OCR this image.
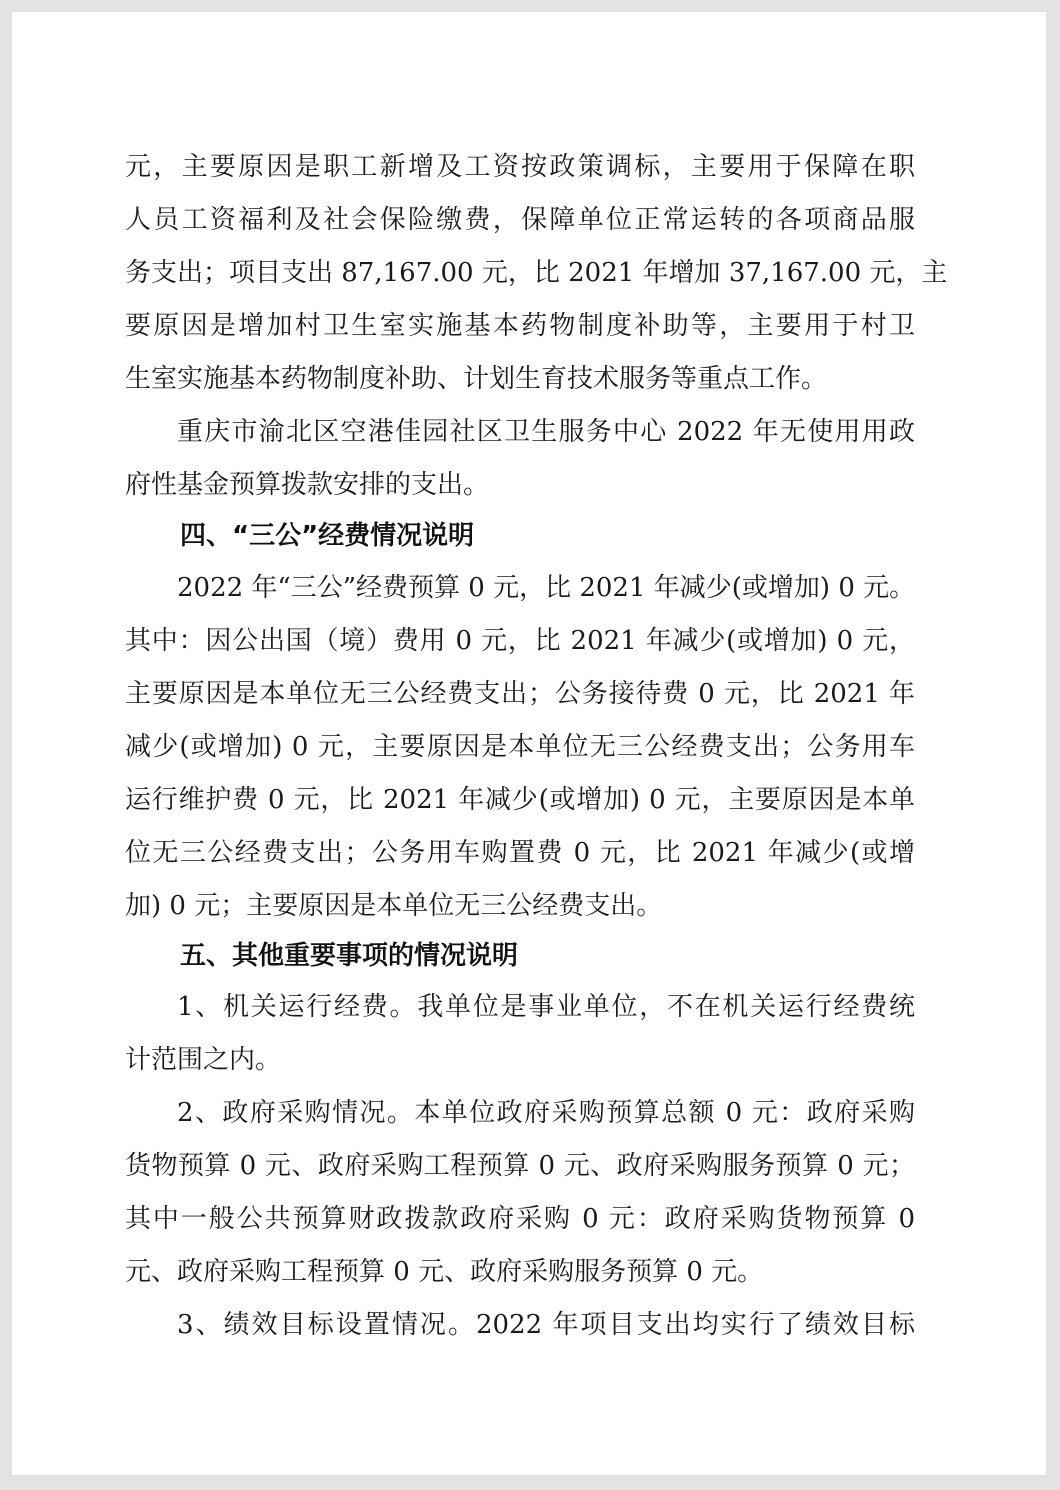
元，主要原因是职工新增及工资按政策调标，主要用于保障在职
人员工资福利及社会保险缴费，保障单位正常运转的各项商品服
务支出；项目支出 87,167.00 元，比 2021 年增加 37,167.00 元，主
要原因是增加村卫生室实施基本药物制度补助等，主要用于村卫
生室实施基本药物制度补助、计划生育技术服务等重点工作。
重庆市渝北区空港佳园社区卫生服务中心 2022 年无使用用政
府性基金预算拨款安排的支出。
四、“三公”经费情况说明
2022 年“三公”经费预算 0 元，比 2021 年减少(或增加) 0 元。
其中：因公出国（境）费用 0 元，比 2021 年减少(或增加) 0 元，
主要原因是本单位无三公经费支出；公务接待费 0 元，比 2021 年
减少(或增加) 0 元，主要原因是本单位无三公经费支出；公务用车
运行维护费 0 元，比 2021 年减少(或增加) 0 元，主要原因是本单
位无三公经费支出；公务用车购置费 0 元，比 2021 年减少(或增
加) 0 元；主要原因是本单位无三公经费支出。
五、其他重要事项的情况说明
1、机关运行经费。我单位是事业单位，不在机关运行经费统
计范围之内。
2、政府采购情况。本单位政府采购预算总额 0 元：政府采购
货物预算 0 元、政府采购工程预算 0 元、政府采购服务预算 0 元；
其中一般公共预算财政拨款政府采购 0 元：政府采购货物预算 0
元、政府采购工程预算 0 元、政府采购服务预算 0 元。
3、绩效目标设置情况。2022 年项目支出均实行了绩效目标
